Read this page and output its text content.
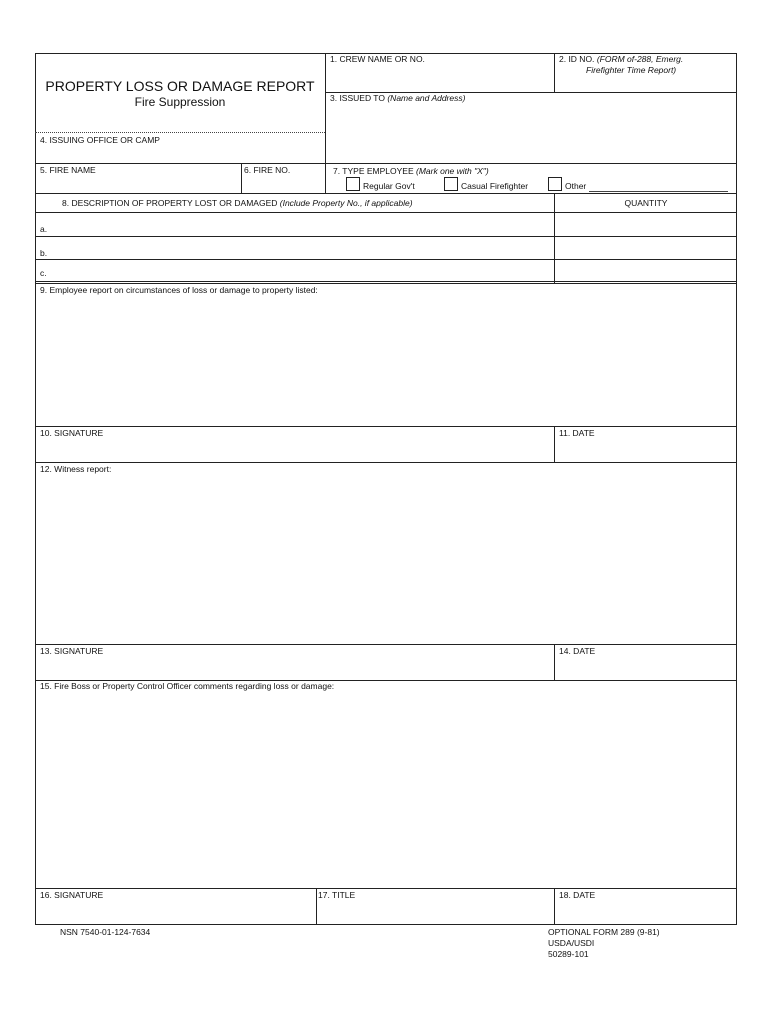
PROPERTY LOSS OR DAMAGE REPORT
Fire Suppression
1. CREW NAME OR NO.	2. ID NO. (FORM of-288, Emerg.
Firefighter Time Report)
3. ISSUED TO (Name and Address)
4. ISSUING OFFICE OR CAMP
5. FIRE NAME	6. FIRE NO.	7. TYPE EMPLOYEE (Mark one with "X")
Regular Gov't	Casual Firefighter	Other
8. DESCRIPTION OF PROPERTY LOST OR DAMAGED (Include Property No., if applicable)	QUANTITY
a.
b.
c.
9. Employee report on circumstances of loss or damage to property listed:
10. SIGNATURE	11. DATE
12. Witness report:
13. SIGNATURE	14. DATE
15. Fire Boss or Property Control Officer comments regarding loss or damage:
16. SIGNATURE	17. TITLE	18. DATE
NSN 7540-01-124-7634	OPTIONAL FORM 289 (9-81)
USDA/USDI
50289-101
